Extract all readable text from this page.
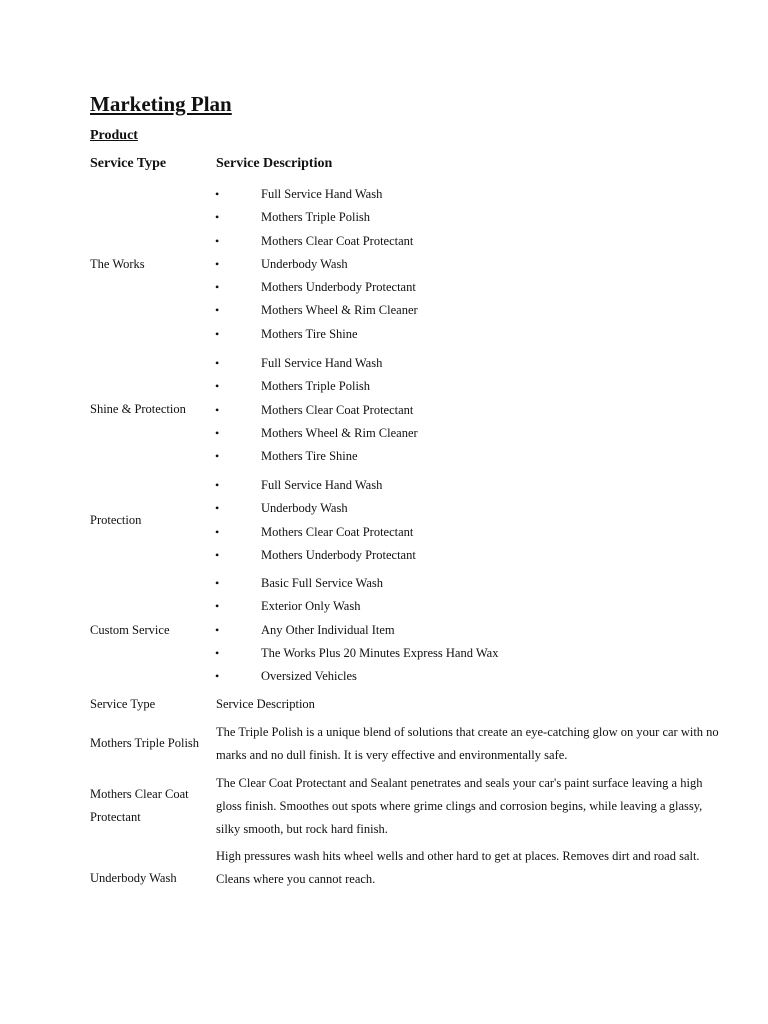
Marketing Plan
Product
Service Type	Service Description
The Works
•	Full Service Hand Wash
•	Mothers Triple Polish
•	Mothers Clear Coat Protectant
•	Underbody Wash
•	Mothers Underbody Protectant
•	Mothers Wheel & Rim Cleaner
•	Mothers Tire Shine
Shine & Protection
•	Full Service Hand Wash
•	Mothers Triple Polish
•	Mothers Clear Coat Protectant
•	Mothers Wheel & Rim Cleaner
•	Mothers Tire Shine
Protection
•	Full Service Hand Wash
•	Underbody Wash
•	Mothers Clear Coat Protectant
•	Mothers Underbody Protectant
Custom Service
•	Basic Full Service Wash
•	Exterior Only Wash
•	Any Other Individual Item
•	The Works Plus 20 Minutes Express Hand Wax
•	Oversized Vehicles
Service Type	Service Description
Mothers Triple Polish
The Triple Polish is a unique blend of solutions that create an eye-catching glow on your car with no marks and no dull finish. It is very effective and environmentally safe.
Mothers Clear Coat Protectant
The Clear Coat Protectant and Sealant penetrates and seals your car's paint surface leaving a high gloss finish. Smoothes out spots where grime clings and corrosion begins, while leaving a glassy, silky smooth, but rock hard finish.
Underbody Wash
High pressures wash hits wheel wells and other hard to get at places. Removes dirt and road salt. Cleans where you cannot reach.
